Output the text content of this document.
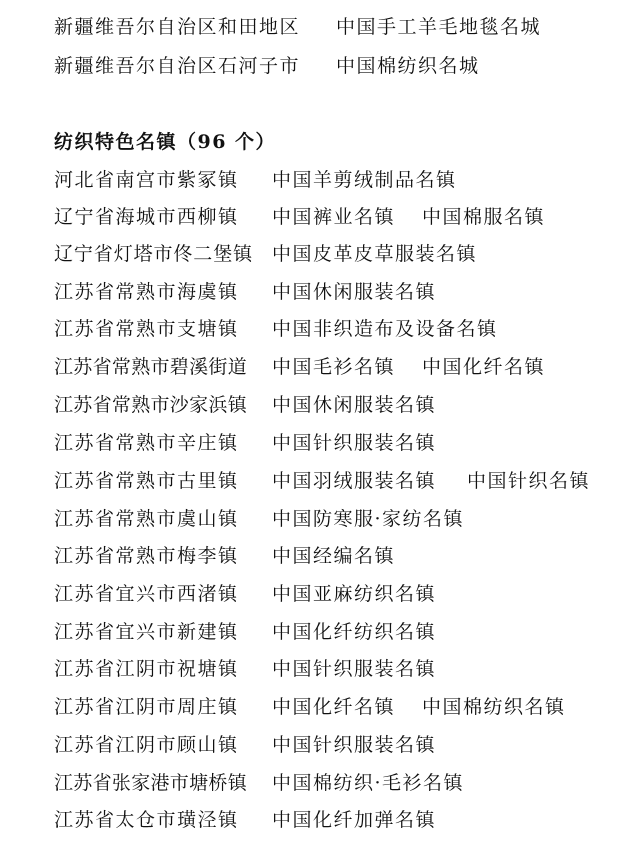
新疆维吾尔自治区和田地区 中国手工羊毛地毯名城
新疆维吾尔自治区石河子市 中国棉纺织名城
纺织特色名镇（96 个）
河北省南宫市紫冢镇 中国羊剪绒制品名镇
辽宁省海城市西柳镇 中国裤业名镇 中国棉服名镇
辽宁省灯塔市佟二堡镇 中国皮革皮草服装名镇
江苏省常熟市海虞镇 中国休闲服装名镇
江苏省常熟市支塘镇 中国非织造布及设备名镇
江苏省常熟市碧溪街道 中国毛衫名镇 中国化纤名镇
江苏省常熟市沙家浜镇 中国休闲服装名镇
江苏省常熟市辛庄镇 中国针织服装名镇
江苏省常熟市古里镇 中国羽绒服装名镇 中国针织名镇
江苏省常熟市虞山镇 中国防寒服·家纺名镇
江苏省常熟市梅李镇 中国经编名镇
江苏省宜兴市西渚镇 中国亚麻纺织名镇
江苏省宜兴市新建镇 中国化纤纺织名镇
江苏省江阴市祝塘镇 中国针织服装名镇
江苏省江阴市周庄镇 中国化纤名镇 中国棉纺织名镇
江苏省江阴市顾山镇 中国针织服装名镇
江苏省张家港市塘桥镇 中国棉纺织·毛衫名镇
江苏省太仓市璜泾镇 中国化纤加弹名镇
